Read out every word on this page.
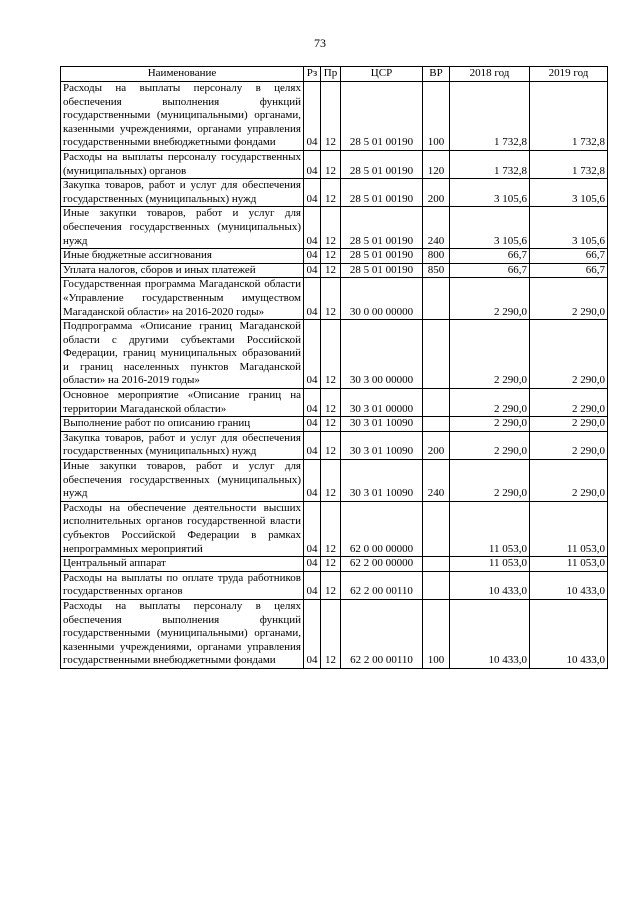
73
Наименование	Рз	Пр	ЦСР	ВР	2018 год	2019 год
Расходы на выплаты персоналу в целях обеспечения выполнения функций государственными (муниципальными) органами, казенными учреждениями, органами управления государственными внебюджетными фондами	04	12	28 5 01 00190	100	1 732,8	1 732,8
Расходы на выплаты персоналу государственных (муниципальных) органов	04	12	28 5 01 00190	120	1 732,8	1 732,8
Закупка товаров, работ и услуг для обеспечения государственных (муниципальных) нужд	04	12	28 5 01 00190	200	3 105,6	3 105,6
Иные закупки товаров, работ и услуг для обеспечения государственных (муниципальных) нужд	04	12	28 5 01 00190	240	3 105,6	3 105,6
Иные бюджетные ассигнования	04	12	28 5 01 00190	800	66,7	66,7
Уплата налогов, сборов и иных платежей	04	12	28 5 01 00190	850	66,7	66,7
Государственная программа Магаданской области «Управление государственным имуществом Магаданской области» на 2016-2020 годы»	04	12	30 0 00 00000		2 290,0	2 290,0
Подпрограмма «Описание границ Магаданской области с другими субъектами Российской Федерации, границ муниципальных образований и границ населенных пунктов Магаданской области» на 2016-2019 годы»	04	12	30 3 00 00000		2 290,0	2 290,0
Основное мероприятие «Описание границ на территории Магаданской области»	04	12	30 3 01 00000		2 290,0	2 290,0
Выполнение работ по описанию границ	04	12	30 3 01 10090		2 290,0	2 290,0
Закупка товаров, работ и услуг для обеспечения государственных (муниципальных) нужд	04	12	30 3 01 10090	200	2 290,0	2 290,0
Иные закупки товаров, работ и услуг для обеспечения государственных (муниципальных) нужд	04	12	30 3 01 10090	240	2 290,0	2 290,0
Расходы на обеспечение деятельности высших исполнительных органов государственной власти субъектов Российской Федерации в рамках непрограммных мероприятий	04	12	62 0 00 00000		11 053,0	11 053,0
Центральный аппарат	04	12	62 2 00 00000		11 053,0	11 053,0
Расходы на выплаты по оплате труда работников государственных органов	04	12	62 2 00 00110		10 433,0	10 433,0
Расходы на выплаты персоналу в целях обеспечения выполнения функций государственными (муниципальными) органами, казенными учреждениями, органами управления государственными внебюджетными фондами	04	12	62 2 00 00110	100	10 433,0	10 433,0
